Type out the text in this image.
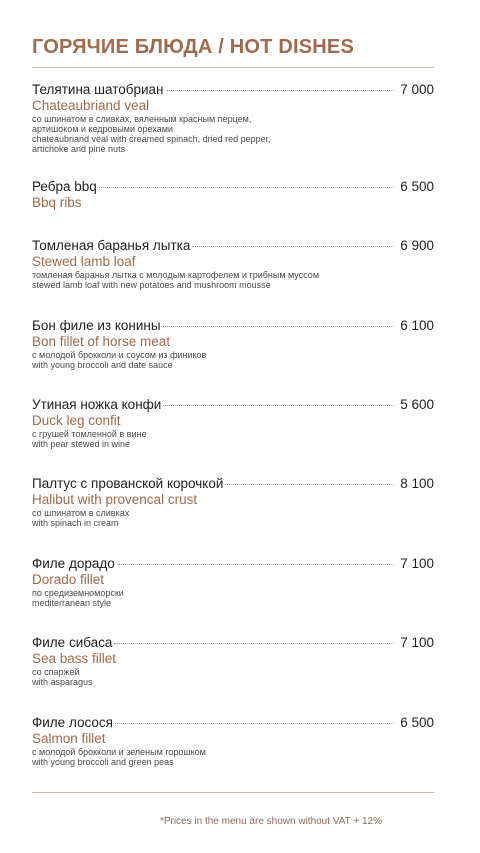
ГОРЯЧИЕ БЛЮДА / HOT DISHES
Телятина шатобриан	7 000
Chateaubriand veal
со шпинатом в сливках, вяленным красным перцем,
артишоком и кедровыми орехами
chateaubriand veal with creamed spinach, dried red pepper,
artichoke and pine nuts
Ребра bbq	6 500
Bbq ribs
Томленая баранья лытка	6 900
Stewed lamb loaf
томленая баранья лытка с молодым картофелем и грибным муссом
stewed lamb loaf with new potatoes and mushroom mousse
Бон филе из конины	6 100
Bon fillet of horse meat
с молодой брокколи и соусом из фиников
with young broccoli and date sauce
Утиная ножка конфи	5 600
Duck leg confit
с грушей томленной в вине
with pear stewed in wine
Палтус с прованской корочкой	8 100
Halibut with provencal crust
со шпинатом в сливках
with spinach in cream
Филе дорадо	7 100
Dorado fillet
по средиземноморски
mediterranean style
Филе сибаса	7 100
Sea bass fillet
со спаржей
with asparagus
Филе лосося	6 500
Salmon fillet
с молодой брокколи и зеленым горошком
with young broccoli and green peas
*Prices in the menu are shown without VAT + 12%
